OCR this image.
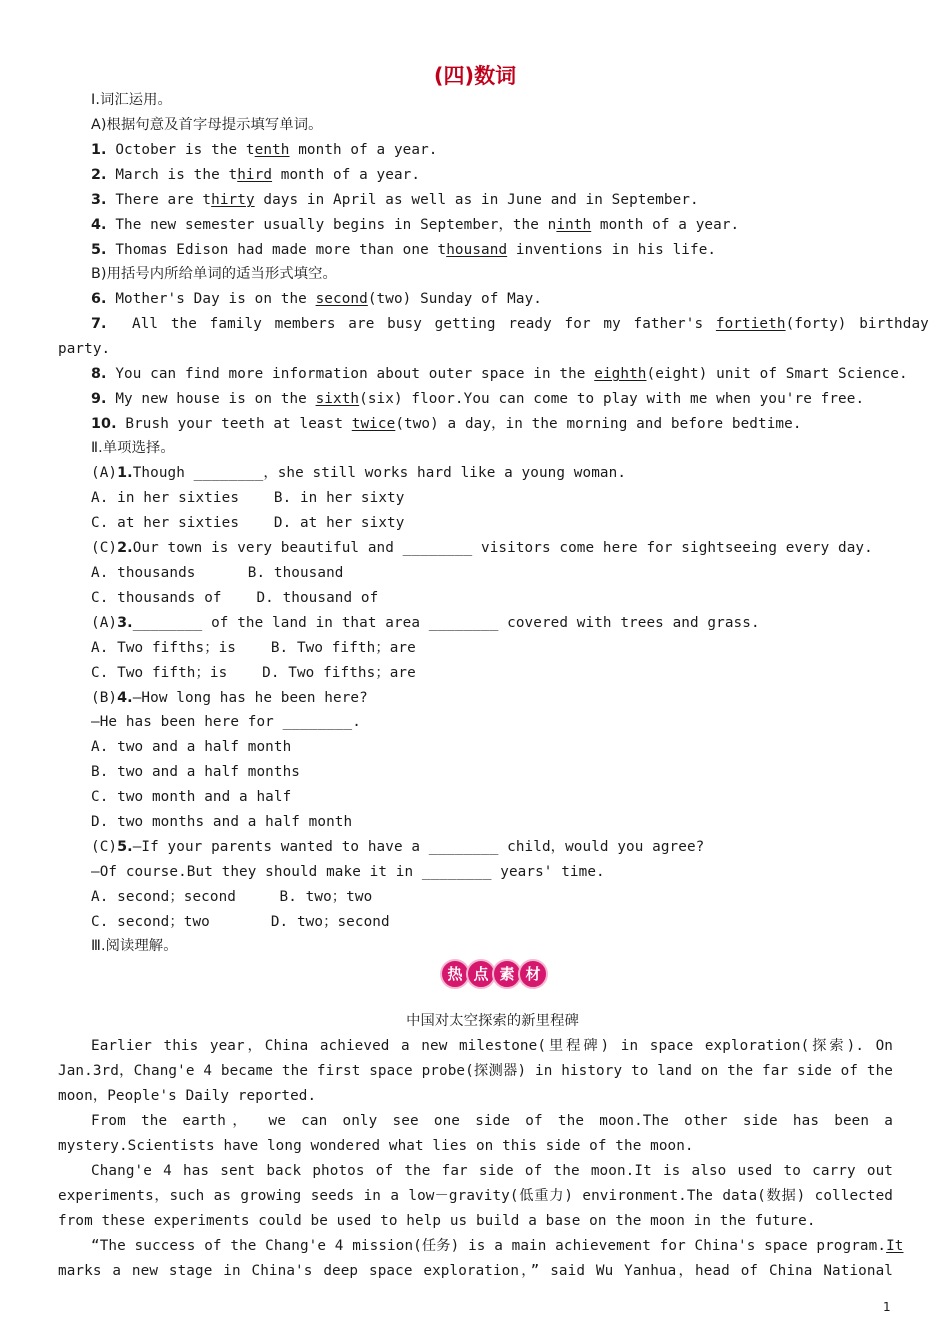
(四)数词
Ⅰ.词汇运用。
A)根据句意及首字母提示填写单词。
1. October is the tenth month of a year.
2. March is the third month of a year.
3. There are thirty days in April as well as in June and in September.
4. The new semester usually begins in September，the ninth month of a year.
5. Thomas Edison had made more than one thousand inventions in his life.
B)用括号内所给单词的适当形式填空。
6. Mother's Day is on the second(two) Sunday of May.
7. All the family members are busy getting ready for my father's fortieth(forty) birthday
party.
8. You can find more information about outer space in the eighth(eight) unit of Smart Science.
9. My new house is on the sixth(six) floor.You can come to play with me when you're free.
10. Brush your teeth at least twice(two) a day，in the morning and before bedtime.
Ⅱ.单项选择。
(A)1.Though ________，she still works hard like a young woman.
A. in her sixties    B. in her sixty
C. at her sixties    D. at her sixty
(C)2.Our town is very beautiful and ________ visitors come here for sightseeing every day.
A. thousands      B. thousand
C. thousands of    D. thousand of
(A)3.________ of the land in that area ________ covered with trees and grass.
A. Two fifths；is    B. Two fifth；are
C. Two fifth；is    D. Two fifths；are
(B)4.—How long has he been here?
—He has been here for ________.
A. two and a half month
B. two and a half months
C. two month and a half
D. two months and a half month
(C)5.—If your parents wanted to have a ________ child，would you agree?
—Of course.But they should make it in ________ years' time.
A. second；second     B. two；two
C. second；two       D. two；second
Ⅲ.阅读理解。
热 点 素 材
中国对太空探索的新里程碑
Earlier this year，China achieved a new milestone(里程碑) in space exploration(探索). On
Jan.3rd，Chang'e 4 became the first space probe(探测器) in history to land on the far side of the
moon，People's Daily reported.
From the earth， we can only see one side of the moon.The other side has been a
mystery.Scientists have long wondered what lies on this side of the moon.
Chang'e 4 has sent back photos of the far side of the moon.It is also used to carry out
experiments，such as growing seeds in a low－gravity(低重力) environment.The data(数据) collected
from these experiments could be used to help us build a base on the moon in the future.
“The success of the Chang'e 4 mission(任务) is a main achievement for China's space program.It
marks a new stage in China's deep space exploration，” said Wu Yanhua，head of China National
1
